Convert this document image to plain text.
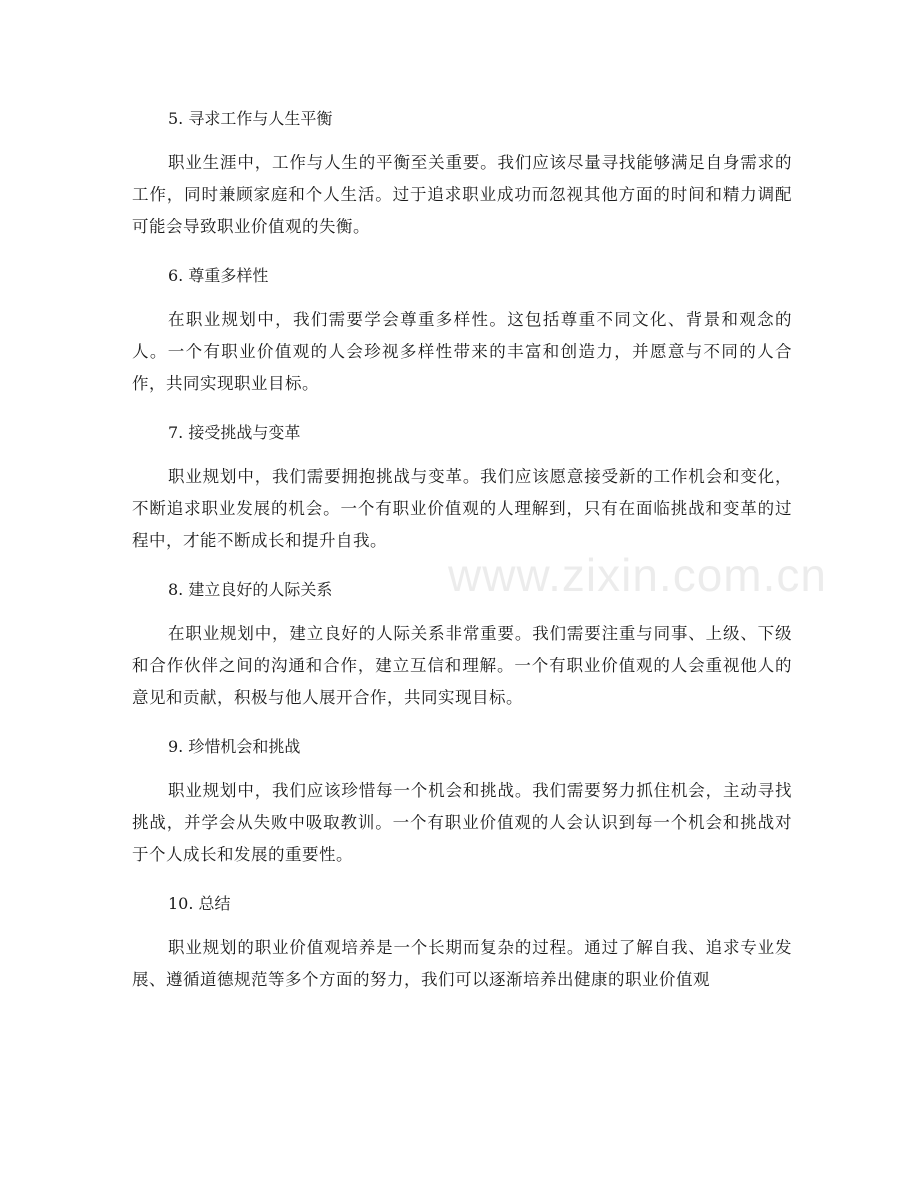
5. 寻求工作与人生平衡

职业生涯中，工作与人生的平衡至关重要。我们应该尽量寻找能够满足自身需求的工作，同时兼顾家庭和个人生活。过于追求职业成功而忽视其他方面的时间和精力调配可能会导致职业价值观的失衡。

6. 尊重多样性

在职业规划中，我们需要学会尊重多样性。这包括尊重不同文化、背景和观念的人。一个有职业价值观的人会珍视多样性带来的丰富和创造力，并愿意与不同的人合作，共同实现职业目标。

7. 接受挑战与变革

职业规划中，我们需要拥抱挑战与变革。我们应该愿意接受新的工作机会和变化，不断追求职业发展的机会。一个有职业价值观的人理解到，只有在面临挑战和变革的过程中，才能不断成长和提升自我。

8. 建立良好的人际关系

在职业规划中，建立良好的人际关系非常重要。我们需要注重与同事、上级、下级和合作伙伴之间的沟通和合作，建立互信和理解。一个有职业价值观的人会重视他人的意见和贡献，积极与他人展开合作，共同实现目标。

9. 珍惜机会和挑战

职业规划中，我们应该珍惜每一个机会和挑战。我们需要努力抓住机会，主动寻找挑战，并学会从失败中吸取教训。一个有职业价值观的人会认识到每一个机会和挑战对于个人成长和发展的重要性。

10. 总结

职业规划的职业价值观培养是一个长期而复杂的过程。通过了解自我、追求专业发展、遵循道德规范等多个方面的努力，我们可以逐渐培养出健康的职业价值观

www.zixin.com.cn
